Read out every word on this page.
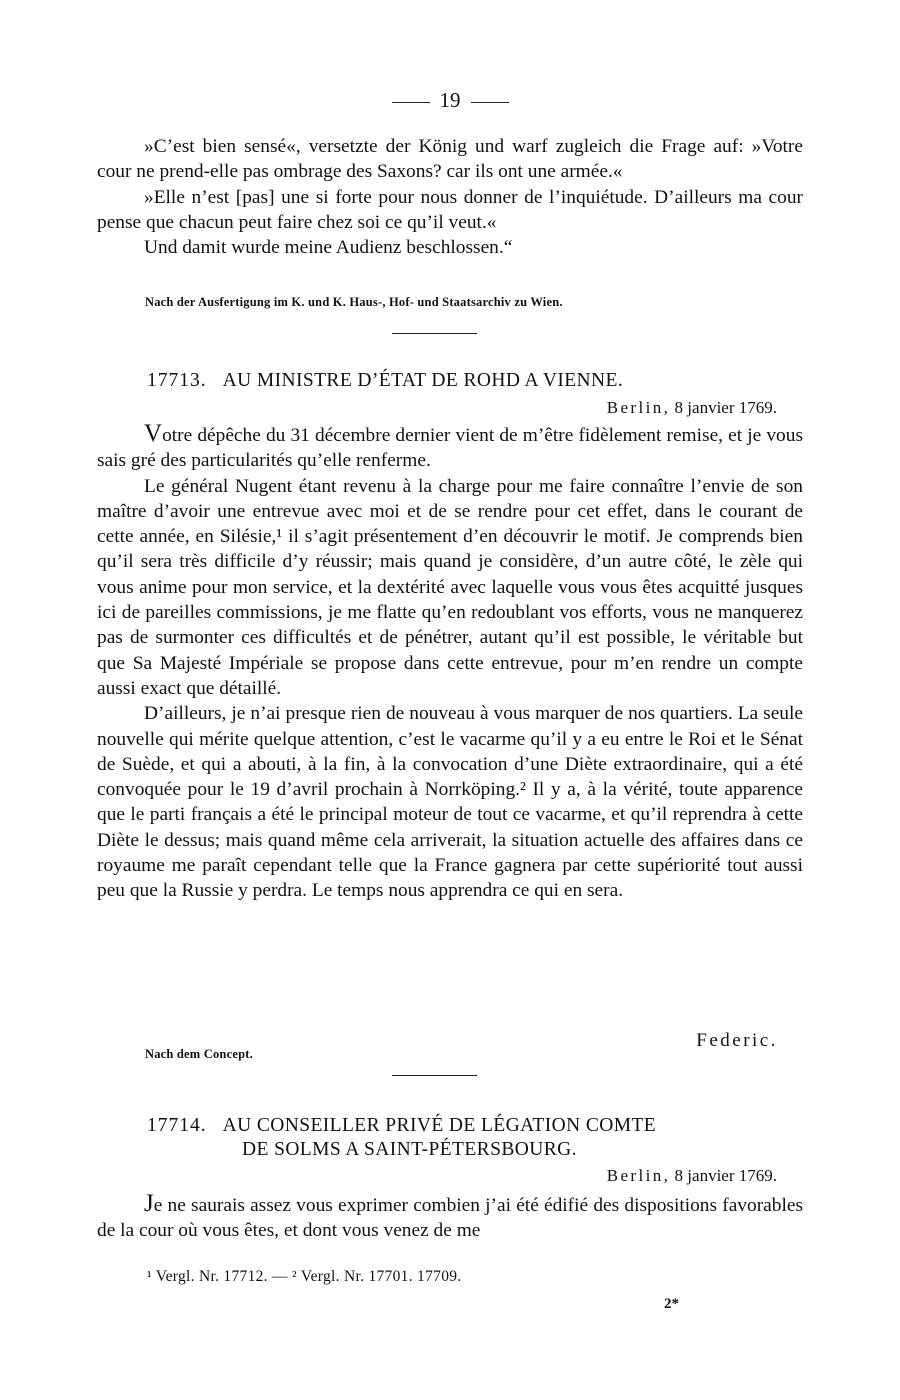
19

»C’est bien sensé«, versetzte der König und warf zugleich die Frage auf: »Votre cour ne prend-elle pas ombrage des Saxons? car ils ont une armée.«

»Elle n’est [pas] une si forte pour nous donner de l’inquiétude. D’ailleurs ma cour pense que chacun peut faire chez soi ce qu’il veut.«

Und damit wurde meine Audienz beschlossen.“

Nach der Ausfertigung im K. und K. Haus-, Hof- und Staatsarchiv zu Wien.
17713. AU MINISTRE D’ÉTAT DE ROHD A VIENNE.
Berlin, 8 janvier 1769.

Votre dépêche du 31 décembre dernier vient de m’être fidèlement remise, et je vous sais gré des particularités qu’elle renferme.

Le général Nugent étant revenu à la charge pour me faire connaître l’envie de son maître d’avoir une entrevue avec moi et de se rendre pour cet effet, dans le courant de cette année, en Silésie,¹ il s’agit présentement d’en découvrir le motif. Je comprends bien qu’il sera très difficile d’y réussir; mais quand je considère, d’un autre côté, le zèle qui vous anime pour mon service, et la dextérité avec laquelle vous vous êtes acquitté jusques ici de pareilles commissions, je me flatte qu’en redoublant vos efforts, vous ne manquerez pas de surmonter ces difficultés et de pénétrer, autant qu’il est possible, le véritable but que Sa Majesté Impériale se propose dans cette entrevue, pour m’en rendre un compte aussi exact que détaillé.

D’ailleurs, je n’ai presque rien de nouveau à vous marquer de nos quartiers. La seule nouvelle qui mérite quelque attention, c’est le vacarme qu’il y a eu entre le Roi et le Sénat de Suède, et qui a abouti, à la fin, à la convocation d’une Diète extraordinaire, qui a été convoquée pour le 19 d’avril prochain à Norrköping.² Il y a, à la vérité, toute apparence que le parti français a été le principal moteur de tout ce vacarme, et qu’il reprendra à cette Diète le dessus; mais quand même cela arriverait, la situation actuelle des affaires dans ce royaume me paraît cependant telle que la France gagnera par cette supériorité tout aussi peu que la Russie y perdra. Le temps nous apprendra ce qui en sera.

Federic.
Nach dem Concept.
17714. AU CONSEILLER PRIVÉ DE LÉGATION COMTE
DE SOLMS A SAINT-PÉTERSBOURG.
Berlin, 8 janvier 1769.

Je ne saurais assez vous exprimer combien j’ai été édifié des dispositions favorables de la cour où vous êtes, et dont vous venez de me

¹ Vergl. Nr. 17712. — ² Vergl. Nr. 17701. 17709.
2*
